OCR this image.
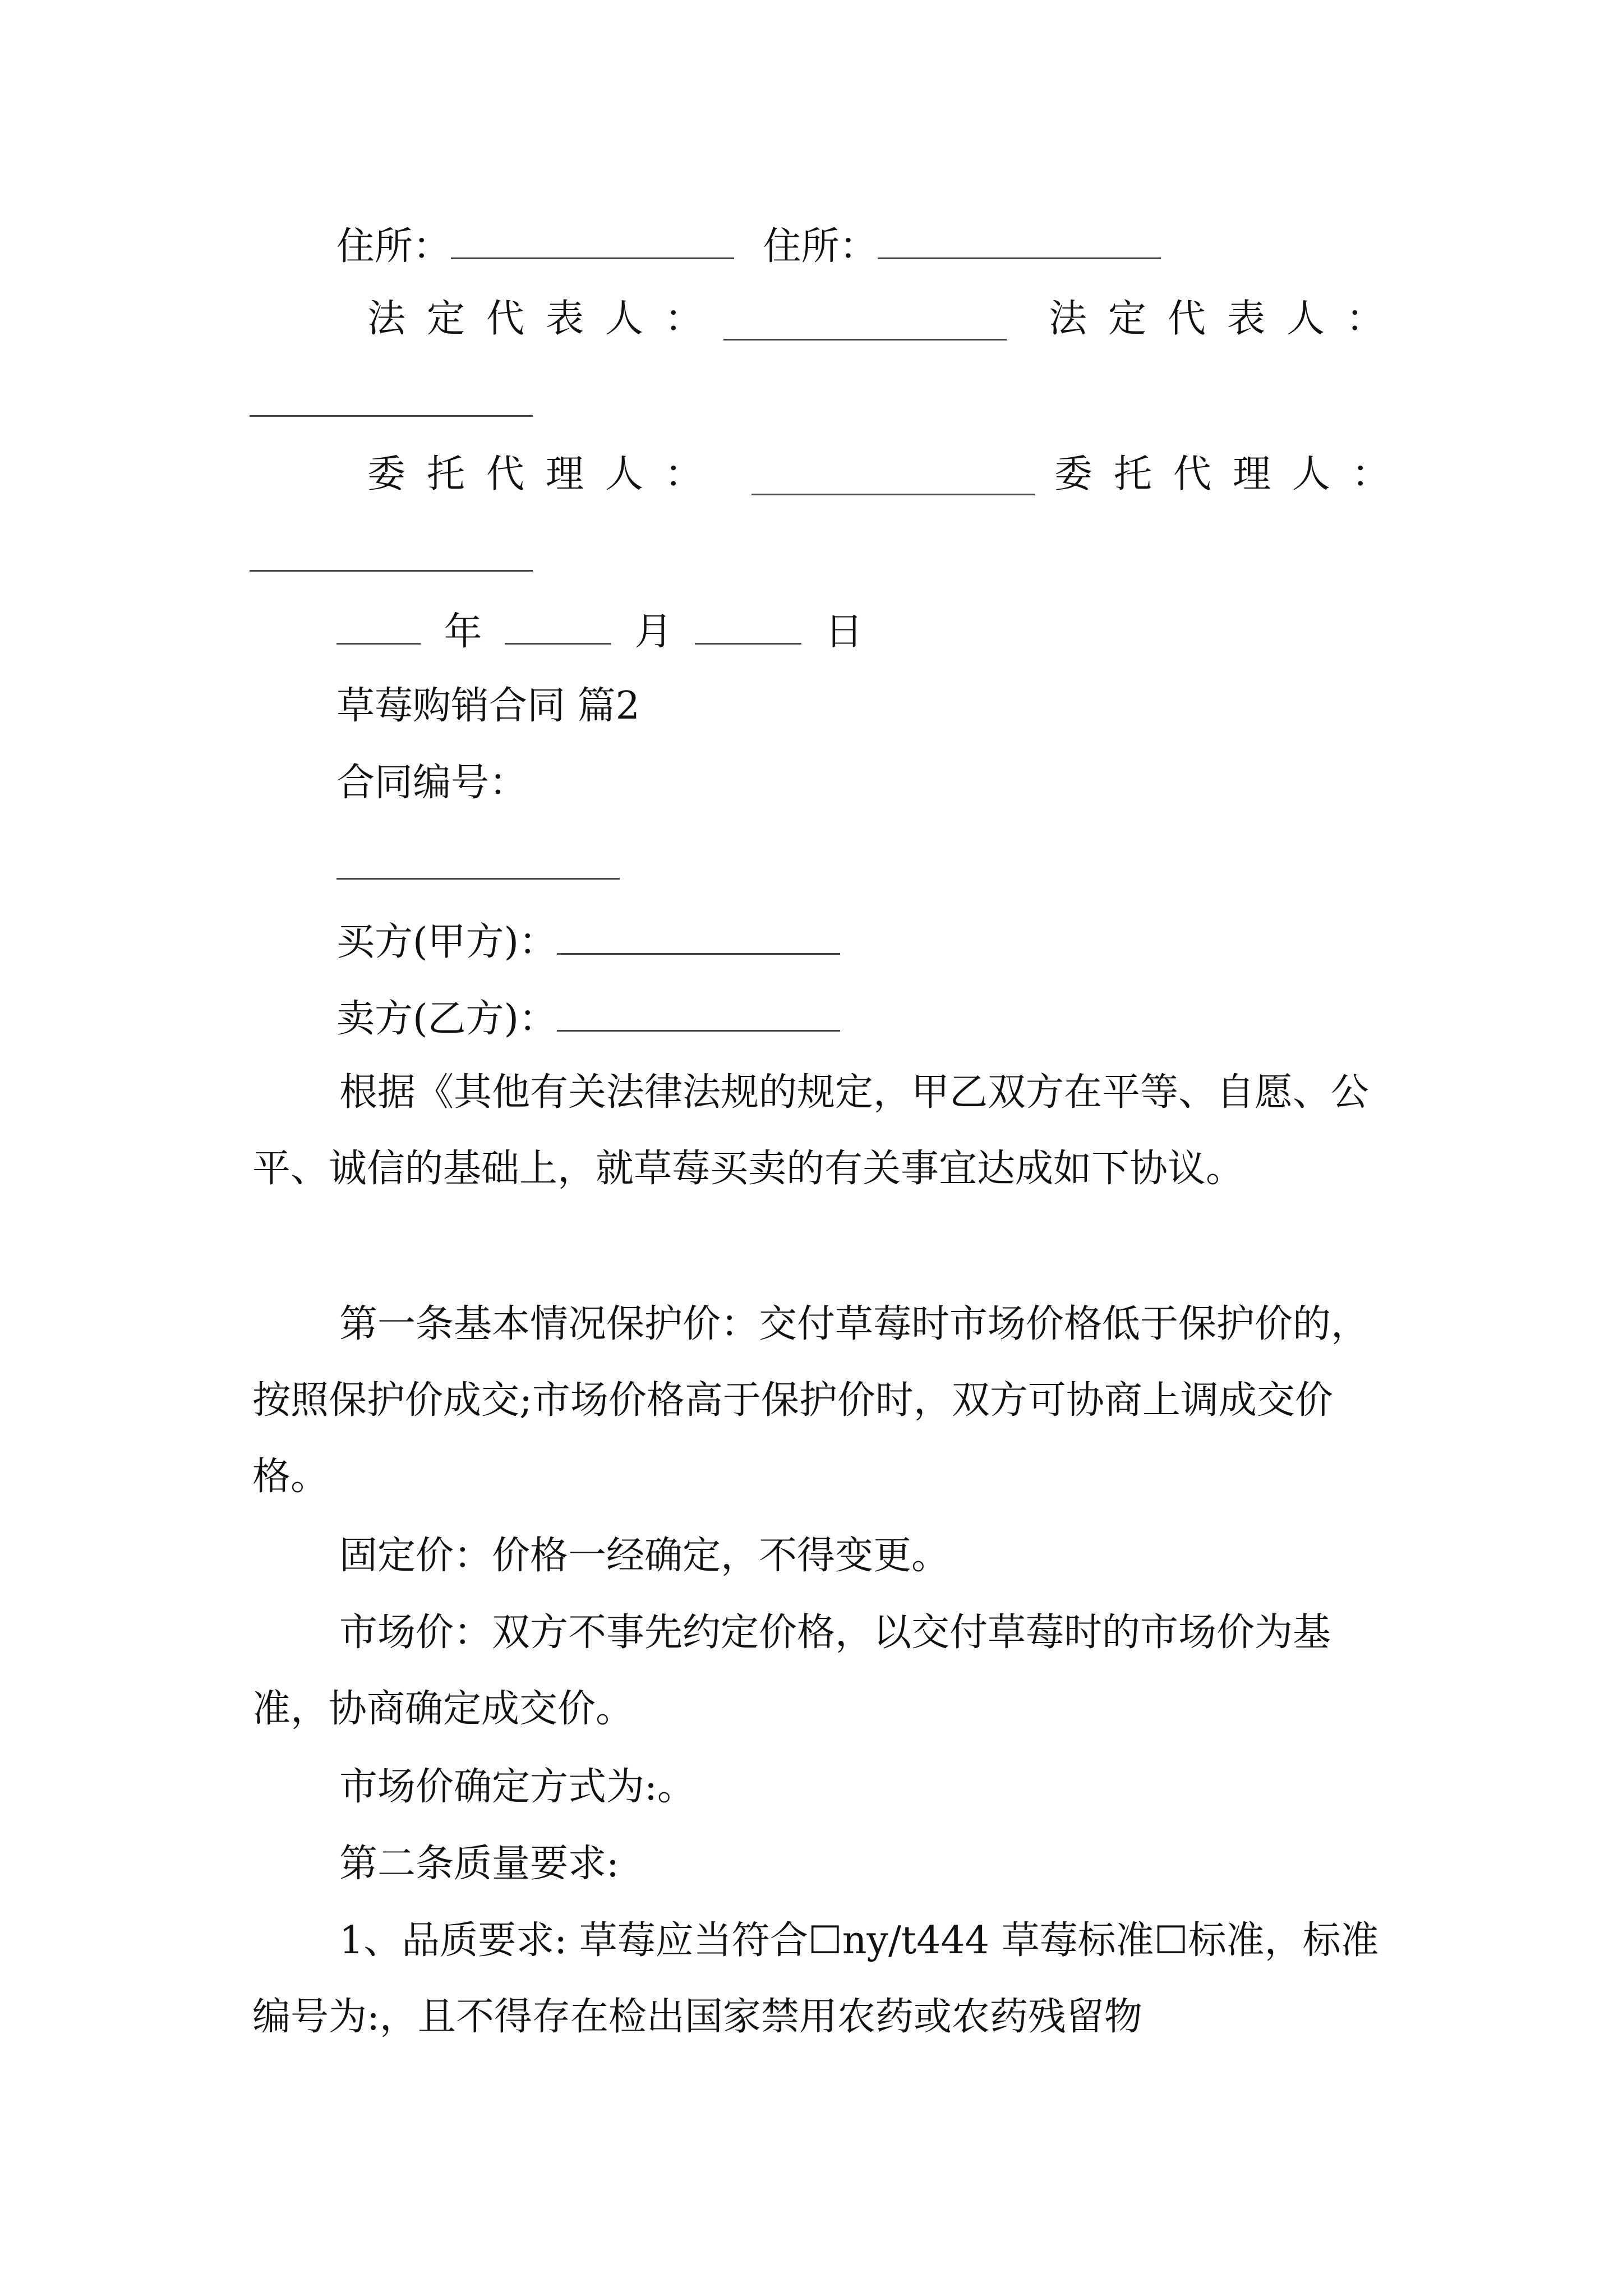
住所：	住所：
法定代表人：	法定代表人：
委托代理人：	委托代理人：
年	月	日
草莓购销合同 篇2
合同编号：
买方(甲方)：
卖方(乙方)：
根据《其他有关法律法规的规定，甲乙双方在平等、自愿、公平、诚信的基础上，就草莓买卖的有关事宜达成如下协议。
第一条基本情况保护价：交付草莓时市场价格低于保护价的，按照保护价成交;市场价格高于保护价时，双方可协商上调成交价格。
固定价：价格一经确定，不得变更。
市场价：双方不事先约定价格，以交付草莓时的市场价为基准，协商确定成交价。
市场价确定方式为:。
第二条质量要求:
1、品质要求: 草莓应当符合☐ny/t444 草莓标准☐标准，标准编号为:，且不得存在检出国家禁用农药或农药残留物
